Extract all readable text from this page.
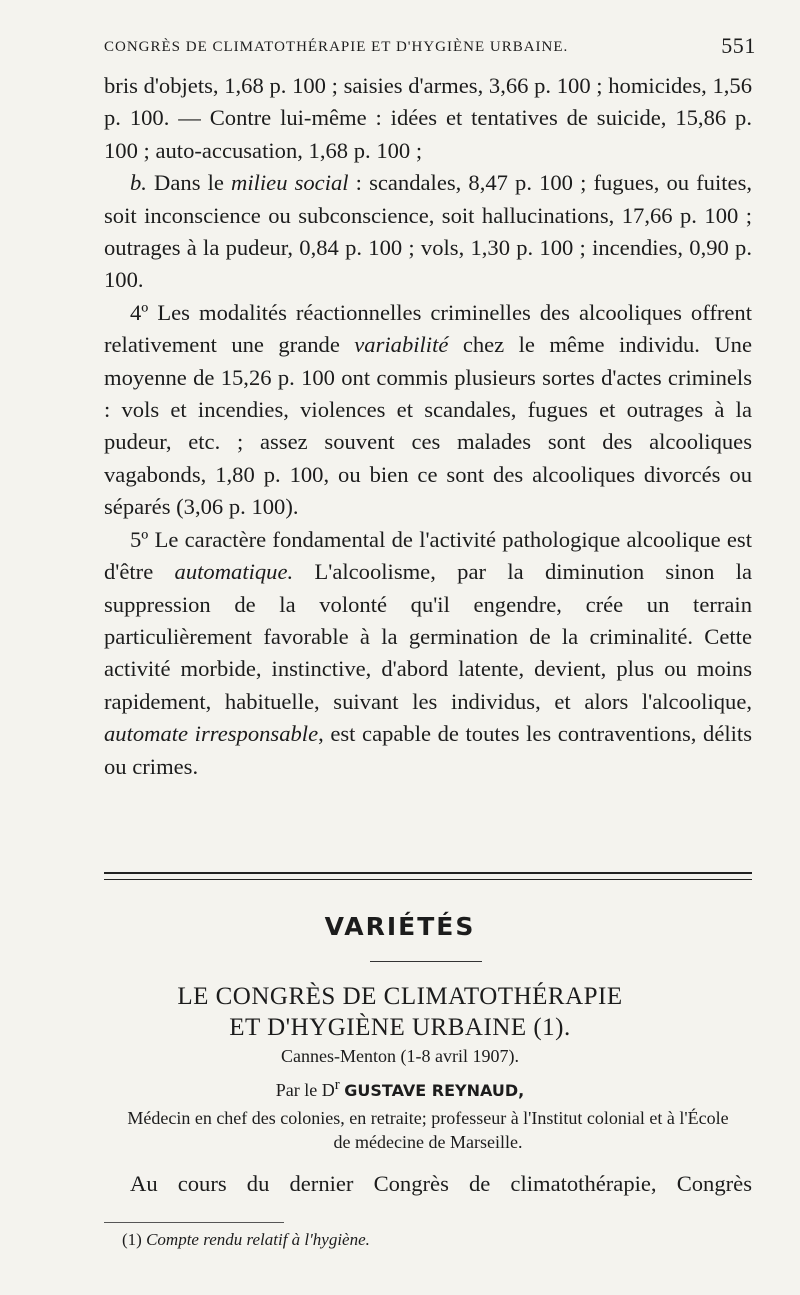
CONGRÈS DE CLIMATOTHÉRAPIE ET D'HYGIÈNE URBAINE.	551

bris d'objets, 1,68 p. 100 ; saisies d'armes, 3,66 p. 100 ; homicides, 1,56 p. 100. — Contre lui-même : idées et tentatives de suicide, 15,86 p. 100 ; auto-accusation, 1,68 p. 100 ;

b. Dans le milieu social : scandales, 8,47 p. 100 ; fugues, ou fuites, soit inconscience ou subconscience, soit hallucinations, 17,66 p. 100 ; outrages à la pudeur, 0,84 p. 100 ; vols, 1,30 p. 100 ; incendies, 0,90 p. 100.

4º Les modalités réactionnelles criminelles des alcooliques offrent relativement une grande variabilité chez le même individu. Une moyenne de 15,26 p. 100 ont commis plusieurs sortes d'actes criminels : vols et incendies, violences et scandales, fugues et outrages à la pudeur, etc. ; assez souvent ces malades sont des alcooliques vagabonds, 1,80 p. 100, ou bien ce sont des alcooliques divorcés ou séparés (3,06 p. 100).

5º Le caractère fondamental de l'activité pathologique alcoolique est d'être automatique. L'alcoolisme, par la diminution sinon la suppression de la volonté qu'il engendre, crée un terrain particulièrement favorable à la germination de la criminalité. Cette activité morbide, instinctive, d'abord latente, devient, plus ou moins rapidement, habituelle, suivant les individus, et alors l'alcoolique, automate irresponsable, est capable de toutes les contraventions, délits ou crimes.

VARIÉTÉS
LE CONGRÈS DE CLIMATOTHÉRAPIE
ET D'HYGIÈNE URBAINE (1).
Cannes-Menton (1-8 avril 1907).
Par le $D^r$ GUSTAVE REYNAUD,
Médecin en chef des colonies, en retraite; professeur à l'Institut colonial et à l'École de médecine de Marseille.
Au cours du dernier Congrès de climatothérapie, Congrès
(1) Compte rendu relatif à l'hygiène.
